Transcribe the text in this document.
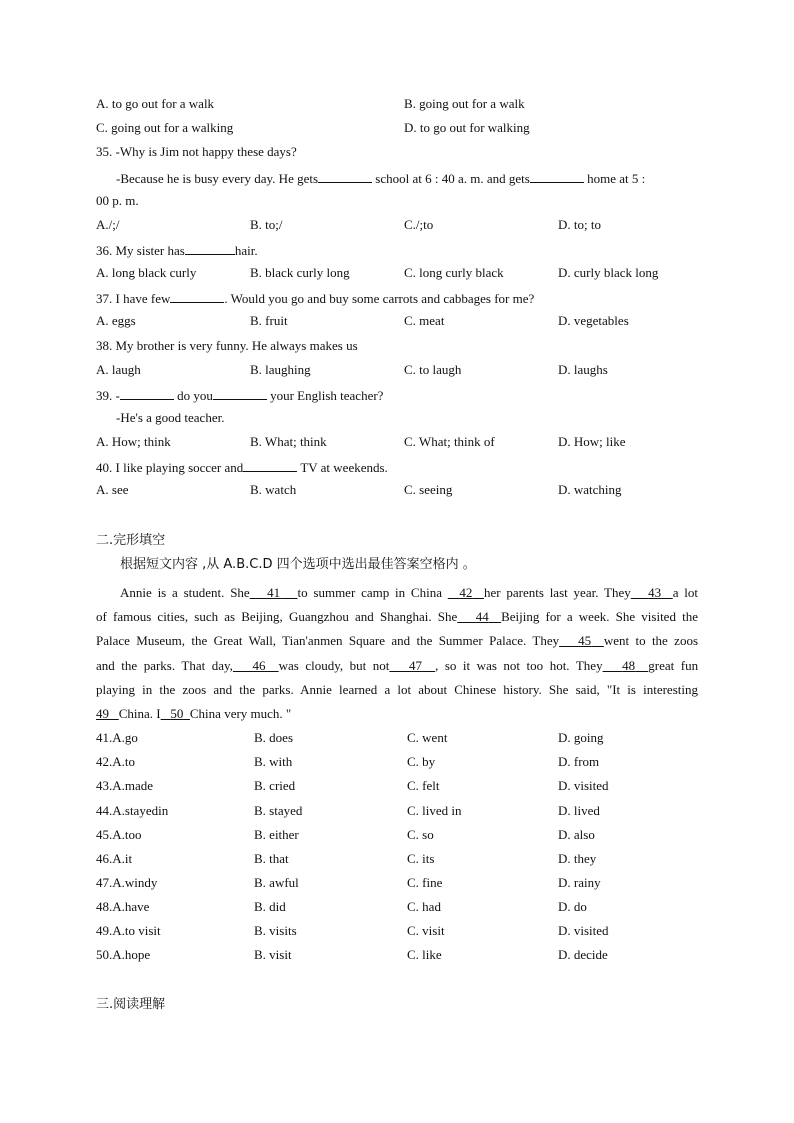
A. to go out for a walk	B. going out for a walk
C. going out for a walking	D. to go out for walking
35. -Why is Jim not happy these days?
-Because he is busy every day. He gets	school at 6 : 40 a. m. and gets	home at 5 :
00 p. m.
A./;/	B. to;/	C./;to	D. to; to
36. My sister has	hair.
A. long black curly	B. black curly long	C. long curly black	D. curly black long
37. I have few	. Would you go and buy some carrots and cabbages for me?
A. eggs	B. fruit	C. meat	D. vegetables
38. My brother is very funny. He always makes us
A. laugh	B. laughing	C. to laugh	D. laughs
39. -	do you	your English teacher?
-He's a good teacher.
A. How; think	B. What; think	C. What; think of	D. How; like
40. I like playing soccer and	TV at weekends.
A. see	B. watch	C. seeing	D. watching
二.完形填空
根据短文内容 ,从 A.B.C.D 四个选项中选出最佳答案空格内 。
Annie is a student. She 41 to summer camp in China 42 her parents last year. They 43 a lot
of famous cities, such as Beijing, Guangzhou and Shanghai. She 44 Beijing for a week. She visited the
Palace Museum, the Great Wall, Tian'anmen Square and the Summer Palace. They 45 went to the zoos
and the parks. That day, 46 was cloudy, but not 47 , so it was not too hot. They 48 great fun
playing in the zoos and the parks. Annie learned a lot about Chinese history. She said, "It is interesting
49 China. I 50 China very much. "
41.A.go	B. does	C. went	D. going
42.A.to	B. with	C. by	D. from
43.A.made	B. cried	C. felt	D. visited
44.A.stayedin	B. stayed	C. lived in	D. lived
45.A.too	B. either	C. so	D. also
46.A.it	B. that	C. its	D. they
47.A.windy	B. awful	C. fine	D. rainy
48.A.have	B. did	C. had	D. do
49.A.to visit	B. visits	C. visit	D. visited
50.A.hope	B. visit	C. like	D. decide
三.阅读理解
